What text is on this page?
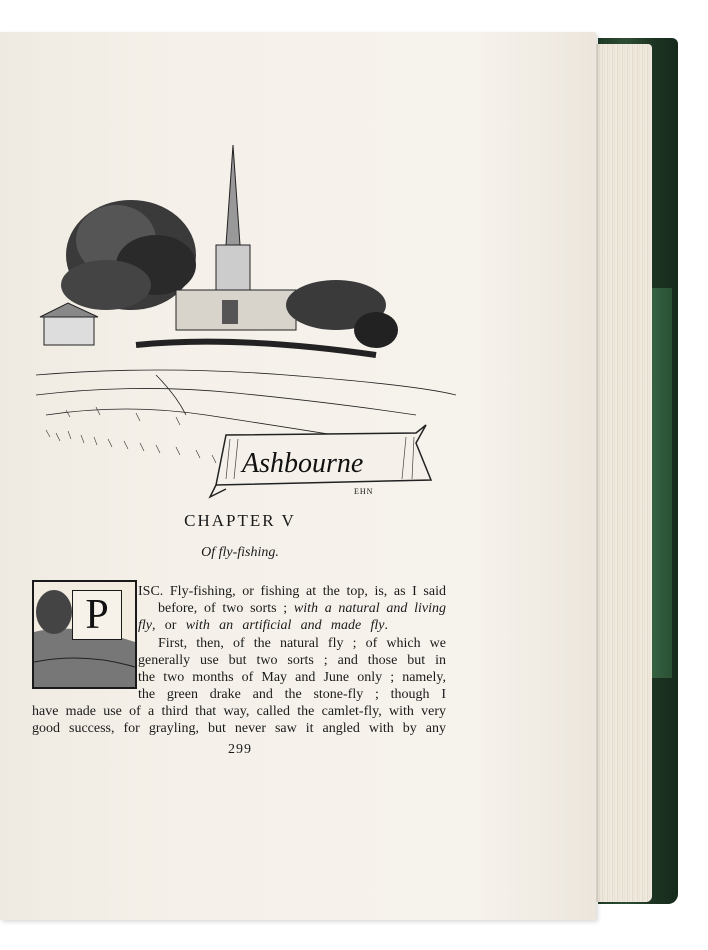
Ashbourne
EHN
CHAPTER V
Of fly-fishing.
P
ISC. Fly-fishing, or fishing at the top, is, as I said
before, of two sorts ; with a natural and living
fly, or with an artificial and made fly.
First, then, of the natural fly ; of which we
generally use but two sorts ; and those but in
the two months of May and June only ; namely,
the green drake and the stone-fly ; though I
have made use of a third that way, called the camlet-fly, with very
good success, for grayling, but never saw it angled with by any
299
